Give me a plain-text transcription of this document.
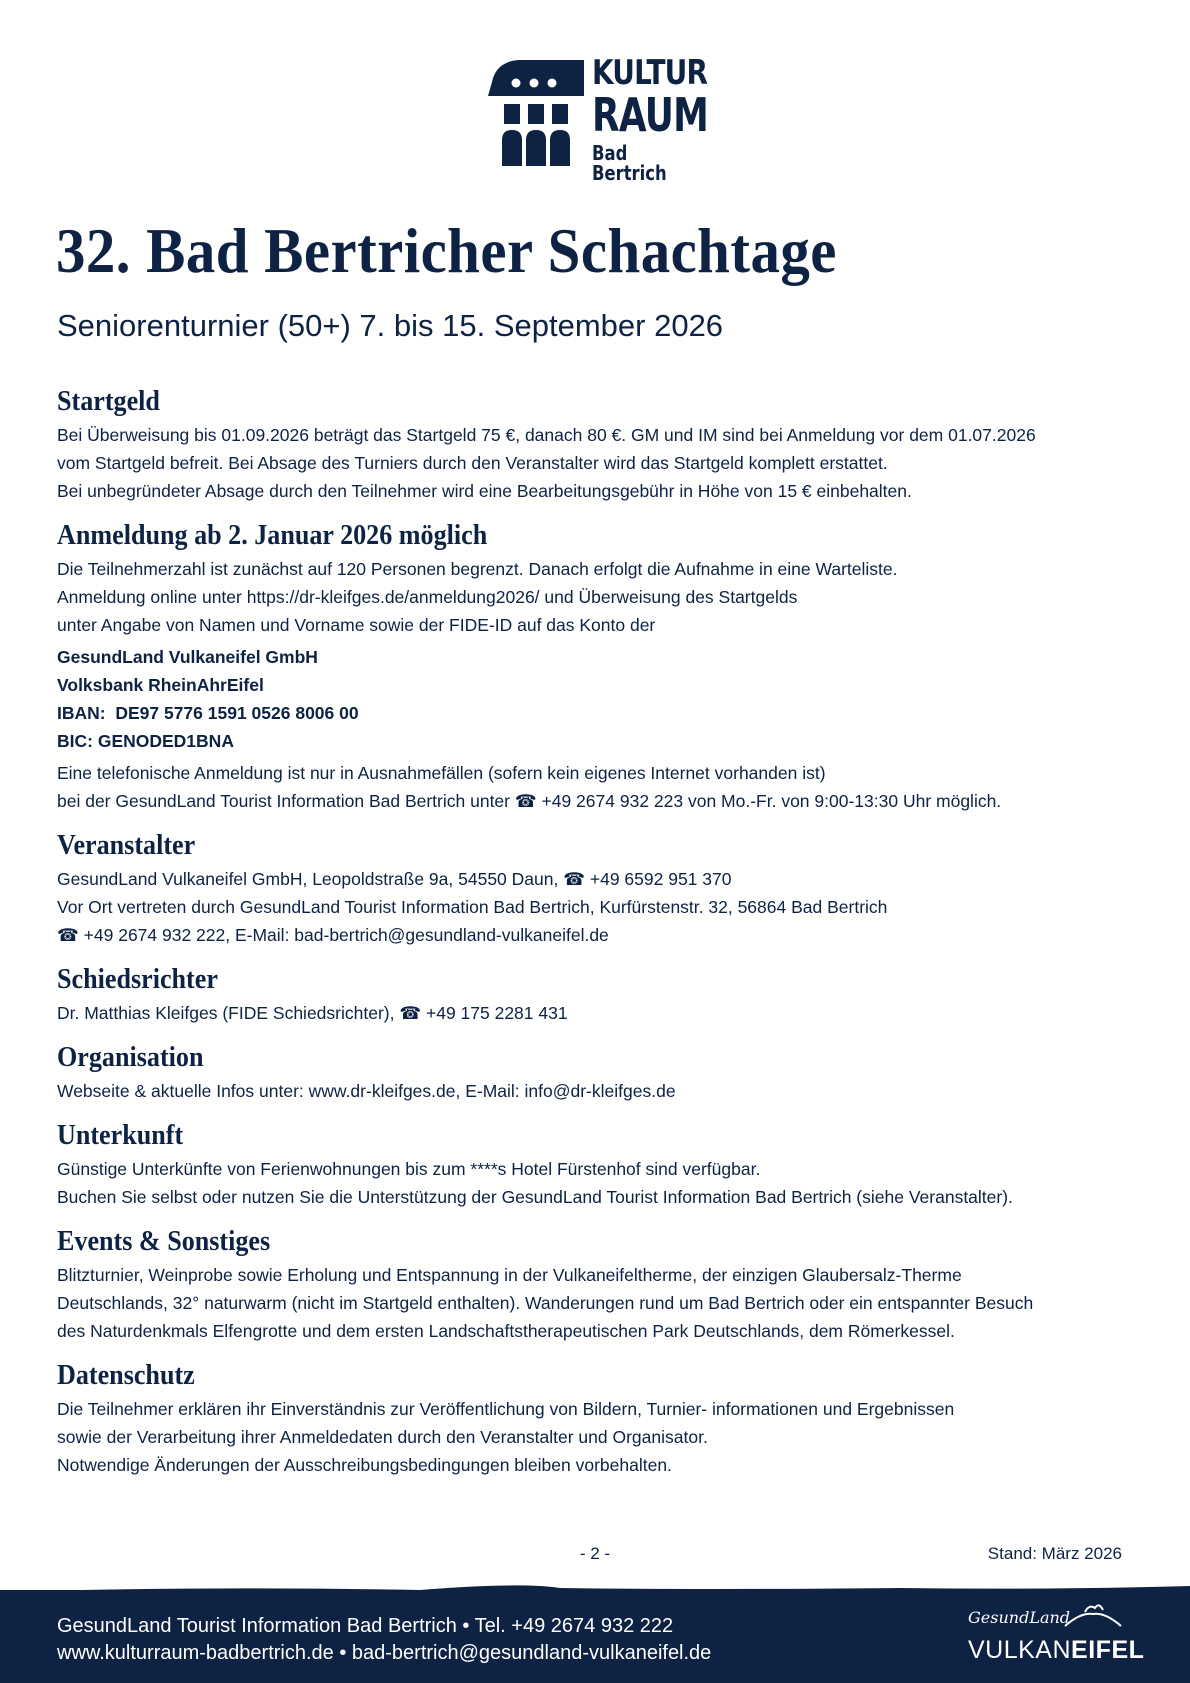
KULTUR
RAUM
Bad Bertrich
32. Bad Bertricher Schachtage
Seniorenturnier (50+) 7. bis 15. September 2026
Startgeld
Bei Überweisung bis 01.09.2026 beträgt das Startgeld 75 €, danach 80 €. GM und IM sind bei Anmeldung vor dem 01.07.2026
vom Startgeld befreit. Bei Absage des Turniers durch den Veranstalter wird das Startgeld komplett erstattet.
Bei unbegründeter Absage durch den Teilnehmer wird eine Bearbeitungsgebühr in Höhe von 15 € einbehalten.
Anmeldung ab 2. Januar 2026 möglich
Die Teilnehmerzahl ist zunächst auf 120 Personen begrenzt. Danach erfolgt die Aufnahme in eine Warteliste.
Anmeldung online unter https://dr-kleifges.de/anmeldung2026/ und Überweisung des Startgelds
unter Angabe von Namen und Vorname sowie der FIDE-ID auf das Konto der
GesundLand Vulkaneifel GmbH
Volksbank RheinAhrEifel
IBAN:  DE97 5776 1591 0526 8006 00
BIC: GENODED1BNA
Eine telefonische Anmeldung ist nur in Ausnahmefällen (sofern kein eigenes Internet vorhanden ist)
bei der GesundLand Tourist Information Bad Bertrich unter ☎ +49 2674 932 223 von Mo.-Fr. von 9:00-13:30 Uhr möglich.
Veranstalter
GesundLand Vulkaneifel GmbH, Leopoldstraße 9a, 54550 Daun, ☎ +49 6592 951 370
Vor Ort vertreten durch GesundLand Tourist Information Bad Bertrich, Kurfürstenstr. 32, 56864 Bad Bertrich
☎ +49 2674 932 222, E-Mail: bad-bertrich@gesundland-vulkaneifel.de
Schiedsrichter
Dr. Matthias Kleifges (FIDE Schiedsrichter), ☎ +49 175 2281 431
Organisation
Webseite & aktuelle Infos unter: www.dr-kleifges.de, E-Mail: info@dr-kleifges.de
Unterkunft
Günstige Unterkünfte von Ferienwohnungen bis zum ****s Hotel Fürstenhof sind verfügbar.
Buchen Sie selbst oder nutzen Sie die Unterstützung der GesundLand Tourist Information Bad Bertrich (siehe Veranstalter).
Events & Sonstiges
Blitzturnier, Weinprobe sowie Erholung und Entspannung in der Vulkaneifeltherme, der einzigen Glaubersalz-Therme
Deutschlands, 32° naturwarm (nicht im Startgeld enthalten). Wanderungen rund um Bad Bertrich oder ein entspannter Besuch
des Naturdenkmals Elfengrotte und dem ersten Landschaftstherapeutischen Park Deutschlands, dem Römerkessel.
Datenschutz
Die Teilnehmer erklären ihr Einverständnis zur Veröffentlichung von Bildern, Turnier- informationen und Ergebnissen
sowie der Verarbeitung ihrer Anmeldedaten durch den Veranstalter und Organisator.
Notwendige Änderungen der Ausschreibungsbedingungen bleiben vorbehalten.
- 2 -	Stand: März 2026
GesundLand Tourist Information Bad Bertrich • Tel. +49 2674 932 222
www.kulturraum-badbertrich.de • bad-bertrich@gesundland-vulkaneifel.de
GesundLand
VULKANEIFEL
